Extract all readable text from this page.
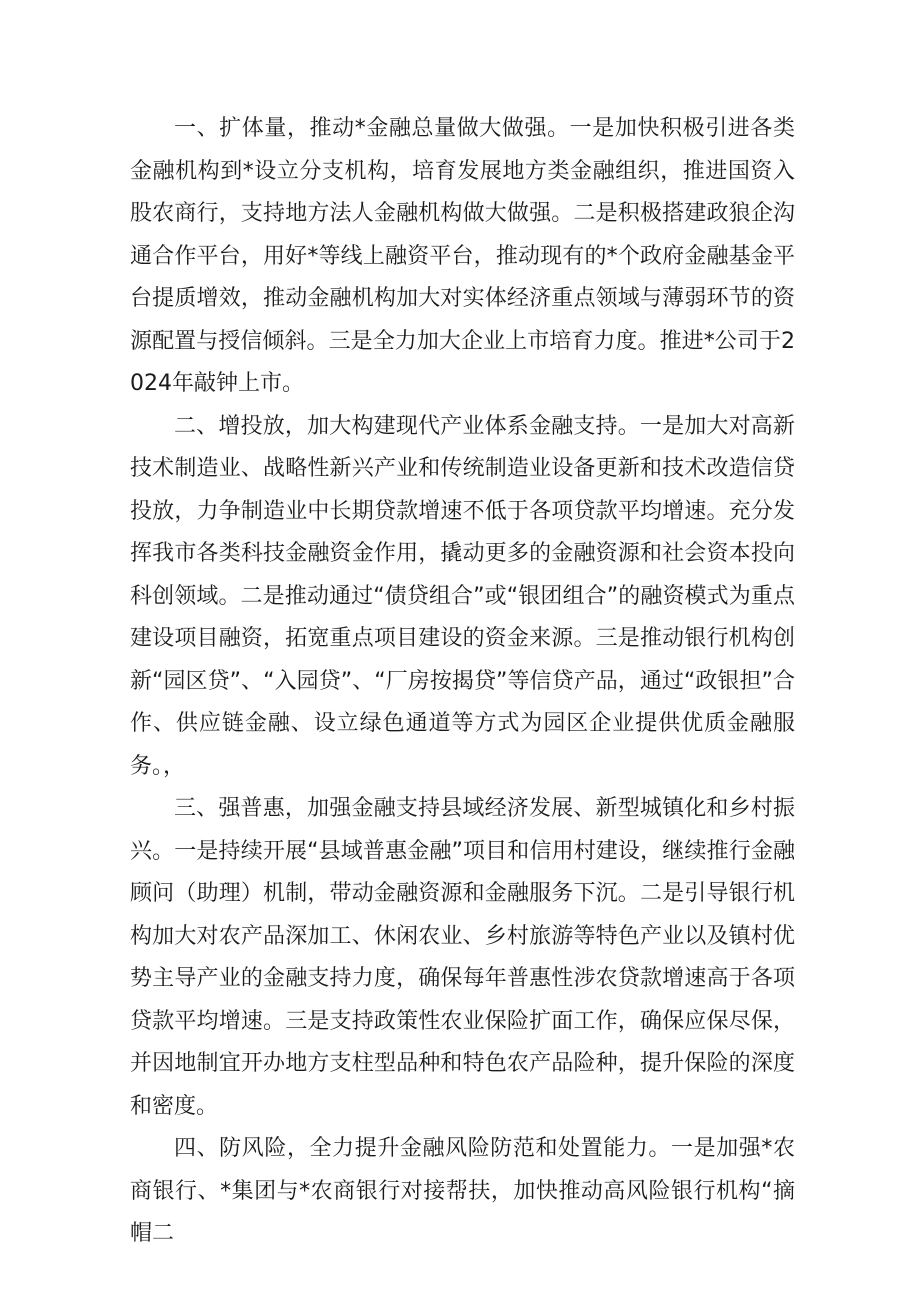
一、扩体量，推动*金融总量做大做强。一是加快积极引进各类金融机构到*设立分支机构，培育发展地方类金融组织，推进国资入股农商行，支持地方法人金融机构做大做强。二是积极搭建政狼企沟通合作平台，用好*等线上融资平台，推动现有的*个政府金融基金平台提质增效，推动金融机构加大对实体经济重点领域与薄弱环节的资源配置与授信倾斜。三是全力加大企业上市培育力度。推进*公司于2024年敲钟上市。

二、增投放，加大构建现代产业体系金融支持。一是加大对高新技术制造业、战略性新兴产业和传统制造业设备更新和技术改造信贷投放，力争制造业中长期贷款增速不低于各项贷款平均增速。充分发挥我市各类科技金融资金作用，撬动更多的金融资源和社会资本投向科创领域。二是推动通过“债贷组合”或“银团组合”的融资模式为重点建设项目融资，拓宽重点项目建设的资金来源。三是推动银行机构创新“园区贷”、“入园贷”、“厂房按揭贷”等信贷产品，通过“政银担”合作、供应链金融、设立绿色通道等方式为园区企业提供优质金融服务。，

三、强普惠，加强金融支持县域经济发展、新型城镇化和乡村振兴。一是持续开展“县域普惠金融”项目和信用村建设，继续推行金融顾问（助理）机制，带动金融资源和金融服务下沉。二是引导银行机构加大对农产品深加工、休闲农业、乡村旅游等特色产业以及镇村优势主导产业的金融支持力度，确保每年普惠性涉农贷款增速高于各项贷款平均增速。三是支持政策性农业保险扩面工作，确保应保尽保，并因地制宜开办地方支柱型品种和特色农产品险种，提升保险的深度和密度。

四、防风险，全力提升金融风险防范和处置能力。一是加强*农商银行、*集团与*农商银行对接帮扶，加快推动高风险银行机构“摘帽二
